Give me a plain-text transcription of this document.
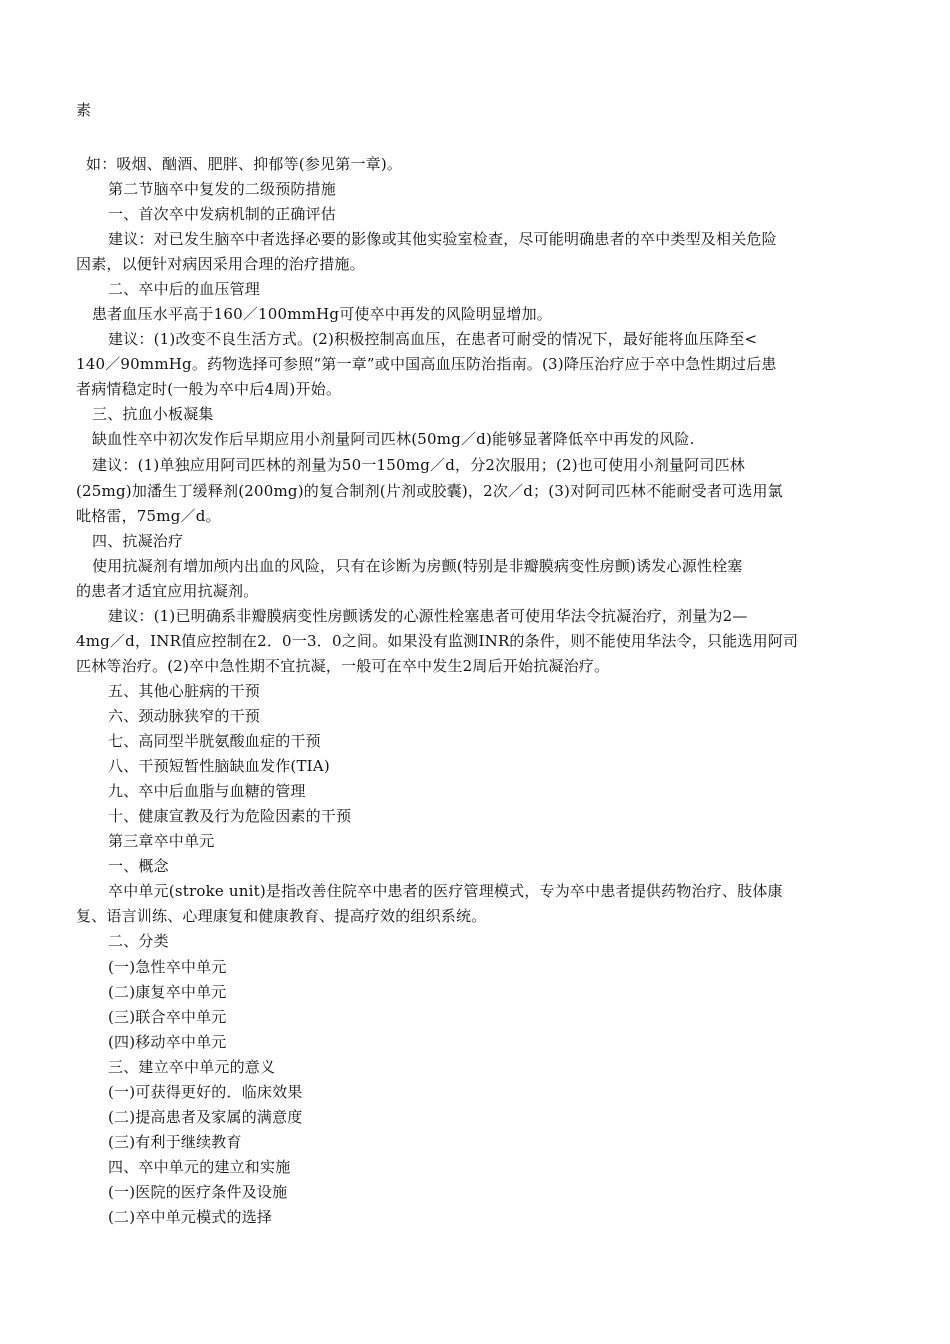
素
如：吸烟、酗酒、肥胖、抑郁等(参见第一章)。
第二节脑卒中复发的二级预防措施
一、首次卒中发病机制的正确评估
建议：对已发生脑卒中者选择必要的影像或其他实验室检查，尽可能明确患者的卒中类型及相关危险
因素，以便针对病因采用合理的治疗措施。
二、卒中后的血压管理
患者血压水平高于160／100mmHg可使卒中再发的风险明显增加。
建议：(1)改变不良生活方式。(2)积极控制高血压，在患者可耐受的情况下，最好能将血压降至<
140／90mmHg。药物选择可参照“第一章”或中国高血压防治指南。(3)降压治疗应于卒中急性期过后患
者病情稳定时(一般为卒中后4周)开始。
三、抗血小板凝集
缺血性卒中初次发作后早期应用小剂量阿司匹林(50mg／d)能够显著降低卒中再发的风险.
建议：(1)单独应用阿司匹林的剂量为50一150mg／d，分2次服用；(2)也可使用小剂量阿司匹林
(25mg)加潘生丁缓释剂(200mg)的复合制剂(片剂或胶囊)，2次／d；(3)对阿司匹林不能耐受者可选用氯
吡格雷，75mg／d。
四、抗凝治疗
使用抗凝剂有增加颅内出血的风险，只有在诊断为房颤(特别是非瓣膜病变性房颤)诱发心源性栓塞
的患者才适宜应用抗凝剂。
建议：(1)已明确系非瓣膜病变性房颤诱发的心源性栓塞患者可使用华法令抗凝治疗，剂量为2—
4mg／d，INR值应控制在2．0一3．0之间。如果没有监测INR的条件，则不能使用华法令，只能选用阿司
匹林等治疗。(2)卒中急性期不宜抗凝，一般可在卒中发生2周后开始抗凝治疗。
五、其他心脏病的干预
六、颈动脉狭窄的干预
七、高同型半胱氨酸血症的干预
八、干预短暂性脑缺血发作(TIA)
九、卒中后血脂与血糖的管理
十、健康宣教及行为危险因素的干预
第三章卒中单元
一、概念
卒中单元(stroke unit)是指改善住院卒中患者的医疗管理模式，专为卒中患者提供药物治疗、肢体康
复、语言训练、心理康复和健康教育、提高疗效的组织系统。
二、分类
(一)急性卒中单元
(二)康复卒中单元
(三)联合卒中单元
(四)移动卒中单元
三、建立卒中单元的意义
(一)可获得更好的．临床效果
(二)提高患者及家属的满意度
(三)有利于继续教育
四、卒中单元的建立和实施
(一)医院的医疗条件及设施
(二)卒中单元模式的选择
